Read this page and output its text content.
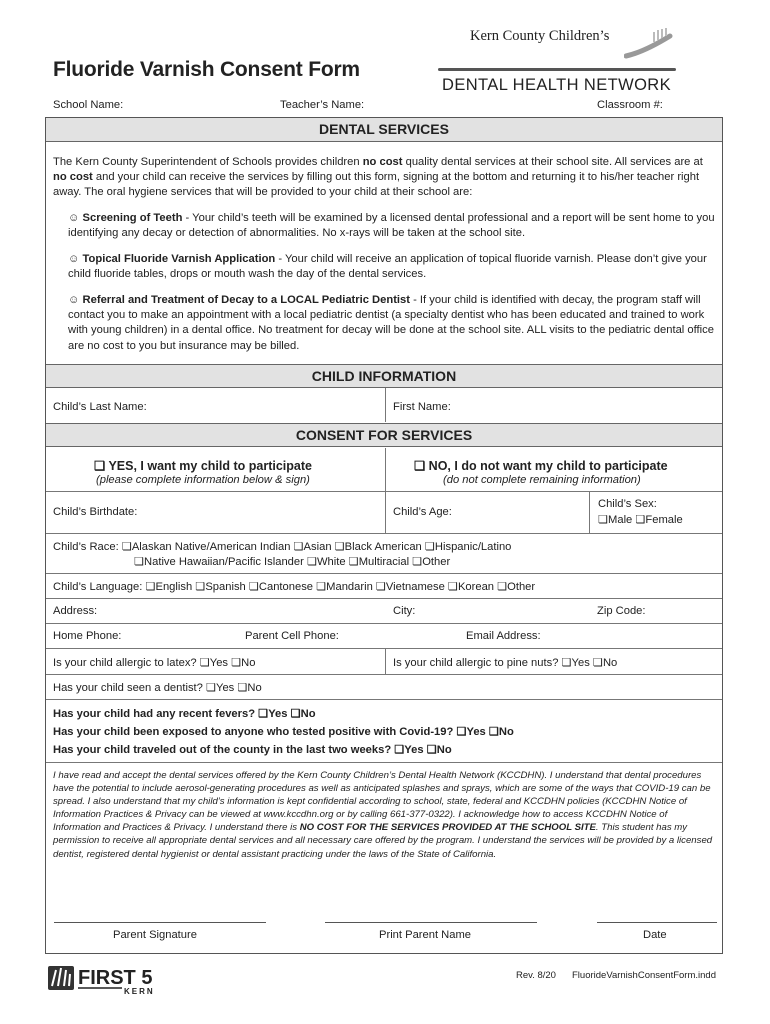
Fluoride Varnish Consent Form
Kern County Children’s
DENTAL HEALTH NETWORK
School Name:	Teacher’s Name:	Classroom #:
DENTAL SERVICES
The Kern County Superintendent of Schools provides children no cost quality dental services at their school site. All services are at no cost and your child can receive the services by filling out this form, signing at the bottom and returning it to his/her teacher right away. The oral hygiene services that will be provided to your child at their school are:
☺ Screening of Teeth - Your child’s teeth will be examined by a licensed dental professional and a report will be sent home to you identifying any decay or detection of abnormalities. No x-rays will be taken at the school site.
☺ Topical Fluoride Varnish Application - Your child will receive an application of topical fluoride varnish. Please don’t give your child fluoride tables, drops or mouth wash the day of the dental services.
☺ Referral and Treatment of Decay to a LOCAL Pediatric Dentist - If your child is identified with decay, the program staff will contact you to make an appointment with a local pediatric dentist (a specialty dentist who has been educated and trained to work with young children) in a dental office. No treatment for decay will be done at the school site. ALL visits to the pediatric dental office are no cost to you but insurance may be billed.
CHILD INFORMATION
Child’s Last Name:	First Name:
CONSENT FOR SERVICES
❏ YES, I want my child to participate
(please complete information below & sign)
❏ NO, I do not want my child to participate
(do not complete remaining information)
Child’s Birthdate:	Child’s Age:
Child’s Sex:
❏Male ❏Female
Child’s Race: ❏Alaskan Native/American Indian ❏Asian ❏Black American ❏Hispanic/Latino
❏Native Hawaiian/Pacific Islander ❏White ❏Multiracial ❏Other
Child’s Language: ❏English ❏Spanish ❏Cantonese ❏Mandarin ❏Vietnamese ❏Korean ❏Other
Address:	City:	Zip Code:
Home Phone:	Parent Cell Phone:	Email Address:
Is your child allergic to latex? ❏Yes ❏No	Is your child allergic to pine nuts? ❏Yes ❏No
Has your child seen a dentist? ❏Yes ❏No
Has your child had any recent fevers? ❏Yes ❏No
Has your child been exposed to anyone who tested positive with Covid-19? ❏Yes ❏No
Has your child traveled out of the county in the last two weeks? ❏Yes ❏No
I have read and accept the dental services offered by the Kern County Children’s Dental Health Network (KCCDHN). I understand that dental procedures have the potential to include aerosol-generating procedures as well as anticipated splashes and sprays, which are some of the ways that COVID-19 can be spread. I also understand that my child’s information is kept confidential according to school, state, federal and KCCDHN policies (KCCDHN Notice of Information Practices & Privacy can be viewed at www.kccdhn.org or by calling 661-377-0322). I acknowledge how to access KCCDHN Notice of Information and Practices & Privacy. I understand there is NO COST FOR THE SERVICES PROVIDED AT THE SCHOOL SITE. This student has my permission to receive all appropriate dental services and all necessary care offered by the program. I understand the services will be provided by a licensed dentist, registered dental hygienist or dental assistant practicing under the laws of the State of California.
Parent Signature	Print Parent Name	Date
FIRST 5
KERN
Rev. 8/20 FluorideVarnishConsentForm.indd
